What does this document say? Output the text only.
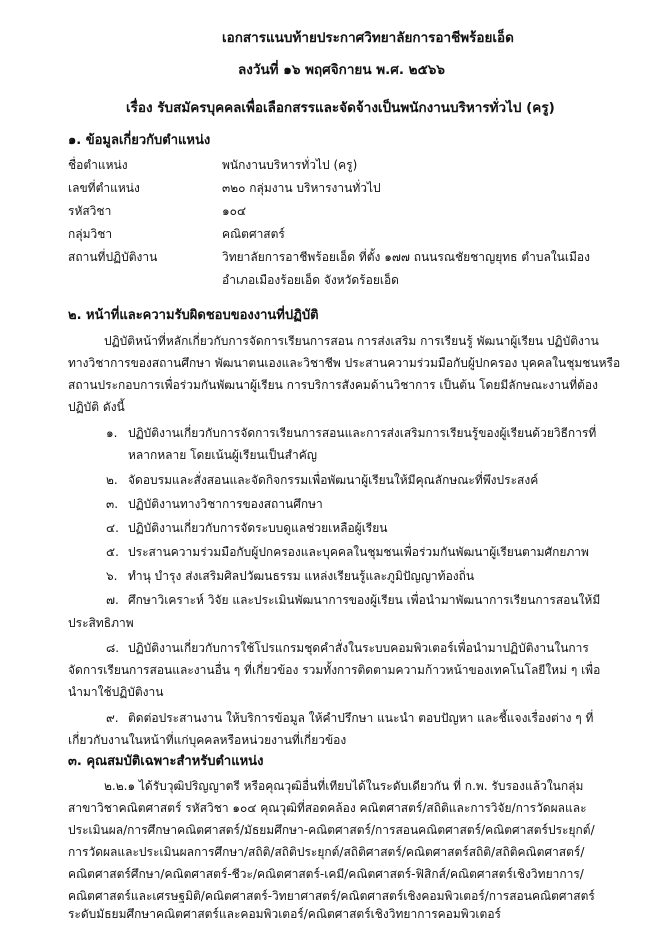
เอกสารแนบท้ายประกาศวิทยาลัยการอาชีพร้อยเอ็ด
ลงวันที่ ๑๖ พฤศจิกายน พ.ศ. ๒๕๖๖
เรื่อง รับสมัครบุคคลเพื่อเลือกสรรและจัดจ้างเป็นพนักงานบริหารทั่วไป (ครู)
๑. ข้อมูลเกี่ยวกับตำแหน่ง
ชื่อตำแหน่ง	พนักงานบริหารทั่วไป (ครู)
เลขที่ตำแหน่ง	๓๒๐ กลุ่มงาน บริหารงานทั่วไป
รหัสวิชา	๑๐๔
กลุ่มวิชา	คณิตศาสตร์
สถานที่ปฏิบัติงาน	วิทยาลัยการอาชีพร้อยเอ็ด ที่ตั้ง ๑๗๗ ถนนรณชัยชาญยุทธ ตำบลในเมือง
อำเภอเมืองร้อยเอ็ด จังหวัดร้อยเอ็ด
๒. หน้าที่และความรับผิดชอบของงานที่ปฏิบัติ
ปฏิบัติหน้าที่หลักเกี่ยวกับการจัดการเรียนการสอน การส่งเสริม การเรียนรู้ พัฒนาผู้เรียน ปฏิบัติงาน
ทางวิชาการของสถานศึกษา พัฒนาตนเองและวิชาชีพ ประสานความร่วมมือกับผู้ปกครอง บุคคลในชุมชนหรือ
สถานประกอบการเพื่อร่วมกันพัฒนาผู้เรียน การบริการสังคมด้านวิชาการ เป็นต้น โดยมีลักษณะงานที่ต้อง
ปฏิบัติ ดังนี้
๑. ปฏิบัติงานเกี่ยวกับการจัดการเรียนการสอนและการส่งเสริมการเรียนรู้ของผู้เรียนด้วยวิธีการที่
หลากหลาย โดยเน้นผู้เรียนเป็นสำคัญ
๒. จัดอบรมและสั่งสอนและจัดกิจกรรมเพื่อพัฒนาผู้เรียนให้มีคุณลักษณะที่พึงประสงค์
๓. ปฏิบัติงานทางวิชาการของสถานศึกษา
๔. ปฏิบัติงานเกี่ยวกับการจัดระบบดูแลช่วยเหลือผู้เรียน
๕. ประสานความร่วมมือกับผู้ปกครองและบุคคลในชุมชนเพื่อร่วมกันพัฒนาผู้เรียนตามศักยภาพ
๖. ทำนุ บำรุง ส่งเสริมศิลปวัฒนธรรม แหล่งเรียนรู้และภูมิปัญญาท้องถิ่น
๗. ศึกษาวิเคราะห์ วิจัย และประเมินพัฒนาการของผู้เรียน เพื่อนำมาพัฒนาการเรียนการสอนให้มี
ประสิทธิภาพ
๘. ปฏิบัติงานเกี่ยวกับการใช้โปรแกรมชุดคำสั่งในระบบคอมพิวเตอร์เพื่อนำมาปฏิบัติงานในการ
จัดการเรียนการสอนและงานอื่น ๆ ที่เกี่ยวข้อง รวมทั้งการติดตามความก้าวหน้าของเทคโนโลยีใหม่ ๆ เพื่อ
นำมาใช้ปฏิบัติงาน
๙. ติดต่อประสานงาน ให้บริการข้อมูล ให้คำปรึกษา แนะนำ ตอบปัญหา และชี้แจงเรื่องต่าง ๆ ที่
เกี่ยวกับงานในหน้าที่แก่บุคคลหรือหน่วยงานที่เกี่ยวข้อง
๓. คุณสมบัติเฉพาะสำหรับตำแหน่ง
๒.๒.๑ ได้รับวุฒิปริญญาตรี หรือคุณวุฒิอื่นที่เทียบได้ในระดับเดียวกัน ที่ ก.พ. รับรองแล้วในกลุ่ม
สาขาวิชาคณิตศาสตร์ รหัสวิชา ๑๐๔ คุณวุฒิที่สอดคล้อง คณิตศาสตร์/สถิติและการวิจัย/การวัดผลและ
ประเมินผล/การศึกษาคณิตศาสตร์/มัธยมศึกษา-คณิตศาสตร์/การสอนคณิตศาสตร์/คณิตศาสตร์ประยุกต์/
การวัดผลและประเมินผลการศึกษา/สถิติ/สถิติประยุกต์/สถิติศาสตร์/คณิตศาสตร์สถิติ/สถิติคณิตศาสตร์/
คณิตศาสตร์ศึกษา/คณิตศาสตร์-ชีวะ/คณิตศาสตร์-เคมี/คณิตศาสตร์-ฟิสิกส์/คณิตศาสตร์เชิงวิทยาการ/
คณิตศาสตร์และเศรษฐมิติ/คณิตศาสตร์-วิทยาศาสตร์/คณิตศาสตร์เชิงคอมพิวเตอร์/การสอนคณิตศาสตร์
ระดับมัธยมศึกษาคณิตศาสตร์และคอมพิวเตอร์/คณิตศาสตร์เชิงวิทยาการคอมพิวเตอร์
